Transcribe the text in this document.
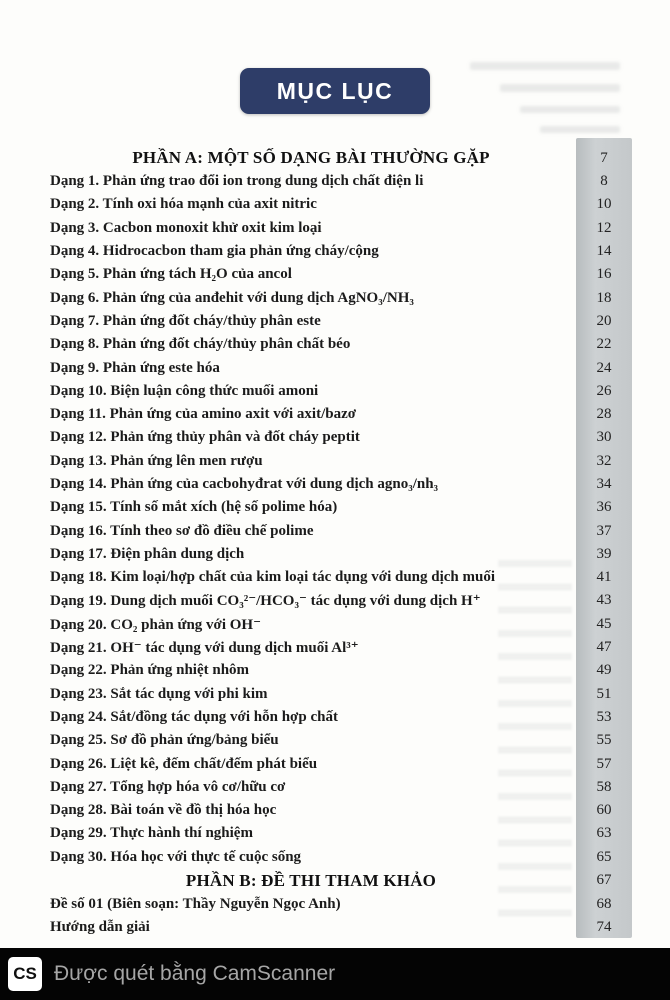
MỤC LỤC
PHẦN A: MỘT SỐ DẠNG BÀI THƯỜNG GẶP	7
Dạng 1. Phản ứng trao đổi ion trong dung dịch chất điện li	8
Dạng 2. Tính oxi hóa mạnh của axit nitric	10
Dạng 3. Cacbon monoxit khử oxit kim loại	12
Dạng 4. Hidrocacbon tham gia phản ứng cháy/cộng	14
Dạng 5. Phản ứng tách H₂O của ancol	16
Dạng 6. Phản ứng của anđehit với dung dịch AgNO₃/NH₃	18
Dạng 7. Phản ứng đốt cháy/thủy phân este	20
Dạng 8. Phản ứng đốt cháy/thủy phân chất béo	22
Dạng 9. Phản ứng este hóa	24
Dạng 10. Biện luận công thức muối amoni	26
Dạng 11. Phản ứng của amino axit với axit/bazơ	28
Dạng 12. Phản ứng thủy phân và đốt cháy peptit	30
Dạng 13. Phản ứng lên men rượu	32
Dạng 14. Phản ứng của cacbohyđrat với dung dịch agno₃/nh₃	34
Dạng 15. Tính số mắt xích (hệ số polime hóa)	36
Dạng 16. Tính theo sơ đồ điều chế polime	37
Dạng 17. Điện phân dung dịch	39
Dạng 18. Kim loại/hợp chất của kim loại tác dụng với dung dịch muối	41
Dạng 19. Dung dịch muối CO₃²⁻/HCO₃⁻ tác dụng với dung dịch H⁺	43
Dạng 20. CO₂ phản ứng với OH⁻	45
Dạng 21. OH⁻ tác dụng với dung dịch muối Al³⁺	47
Dạng 22. Phản ứng nhiệt nhôm	49
Dạng 23. Sắt tác dụng với phi kim	51
Dạng 24. Sắt/đồng tác dụng với hỗn hợp chất	53
Dạng 25. Sơ đồ phản ứng/bảng biểu	55
Dạng 26. Liệt kê, đếm chất/đếm phát biểu	57
Dạng 27. Tổng hợp hóa vô cơ/hữu cơ	58
Dạng 28. Bài toán về đồ thị hóa học	60
Dạng 29. Thực hành thí nghiệm	63
Dạng 30. Hóa học với thực tế cuộc sống	65
PHẦN B: ĐỀ THI THAM KHẢO	67
Đề số 01 (Biên soạn: Thầy Nguyễn Ngọc Anh)	68
Hướng dẫn giải	74
CS Được quét bằng CamScanner
